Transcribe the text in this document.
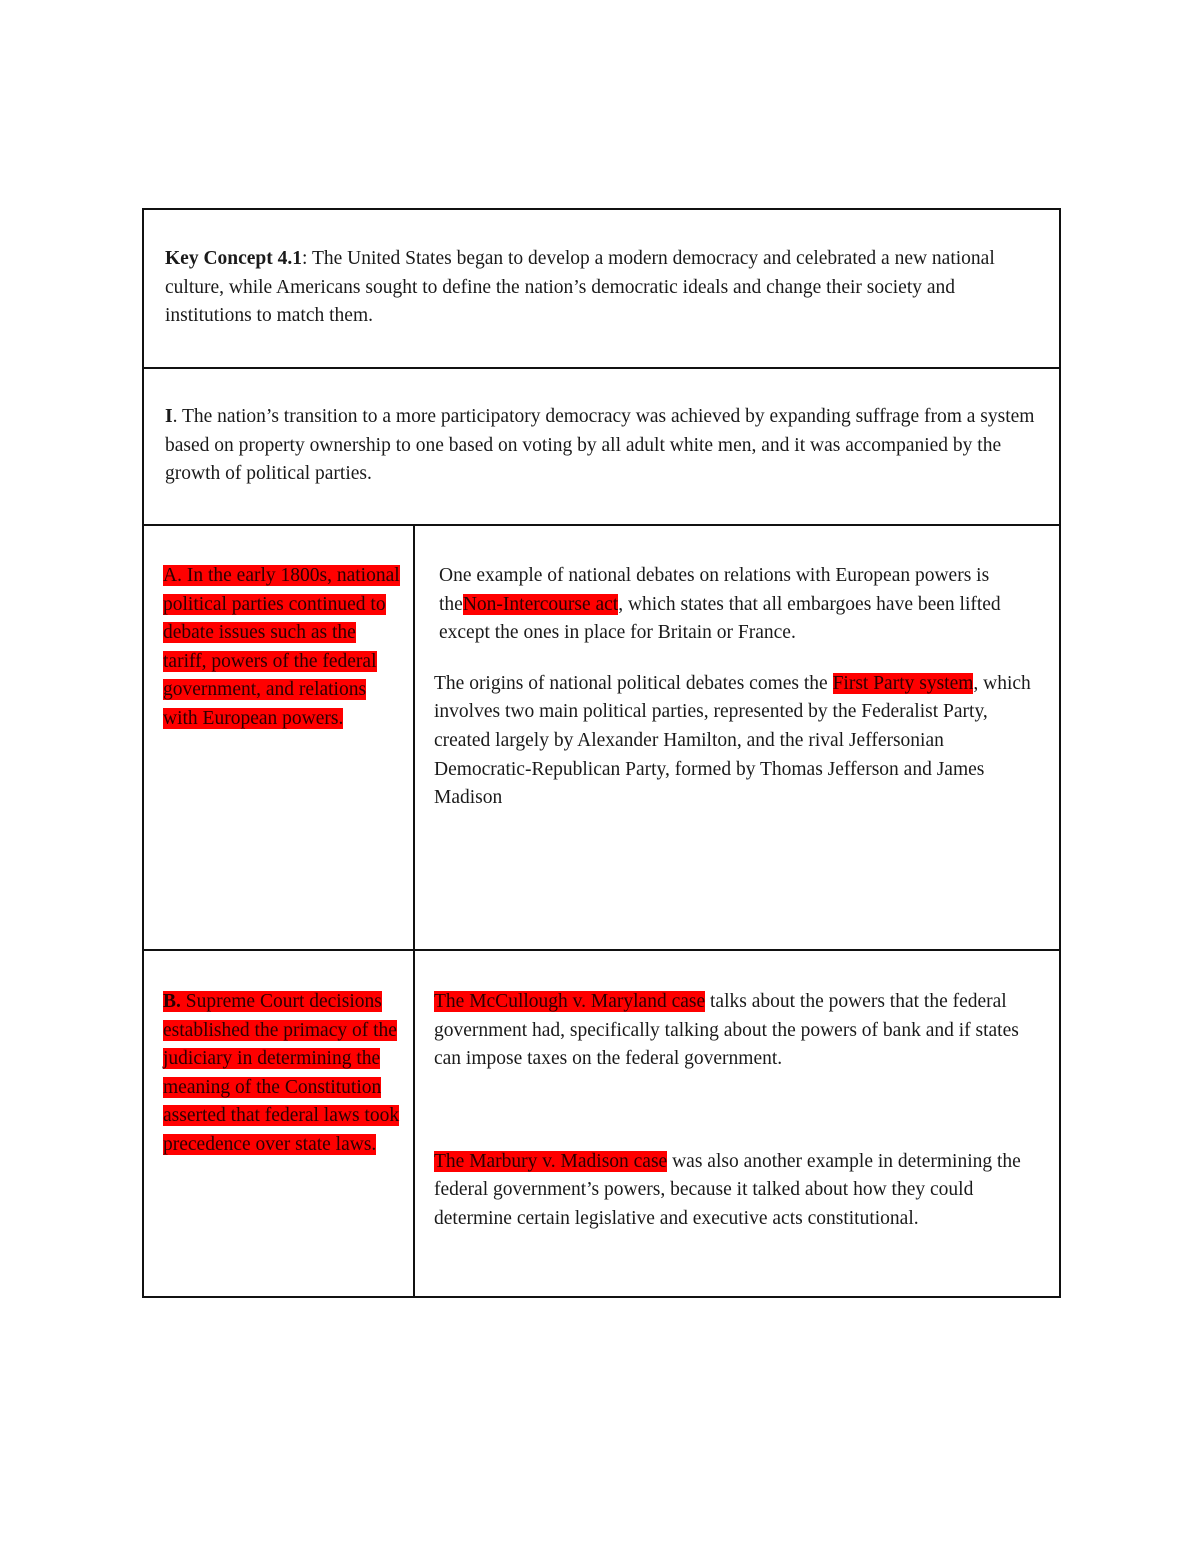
Key Concept 4.1: The United States began to develop a modern democracy and celebrated a new national culture, while Americans sought to define the nation’s democratic ideals and change their society and institutions to match them.	

I. The nation’s transition to a more participatory democracy was achieved by expanding suffrage from a system based on property ownership to one based on voting by all adult white men, and it was accompanied by the growth of political parties.	

A. In the early 1800s, national political parties continued to debate issues such as the tariff, powers of the federal government, and relations with European powers.	One example of national debates on relations with European powers is theNon-Intercourse act, which states that all embargoes have been lifted except the ones in place for Britain or France.

The origins of national political debates comes the First Party system, which involves two main political parties, represented by the Federalist Party, created largely by Alexander Hamilton, and the rival Jeffersonian Democratic-Republican Party, formed by Thomas Jefferson and James Madison

B. Supreme Court decisions established the primacy of the judiciary in determining the meaning of the Constitution asserted that federal laws took precedence over state laws.	The McCullough v. Maryland case talks about the powers that the federal government had, specifically talking about the powers of bank and if states can impose taxes on the federal government.

The Marbury v. Madison case was also another example in determining the federal government’s powers, because it talked about how they could determine certain legislative and executive acts constitutional.
